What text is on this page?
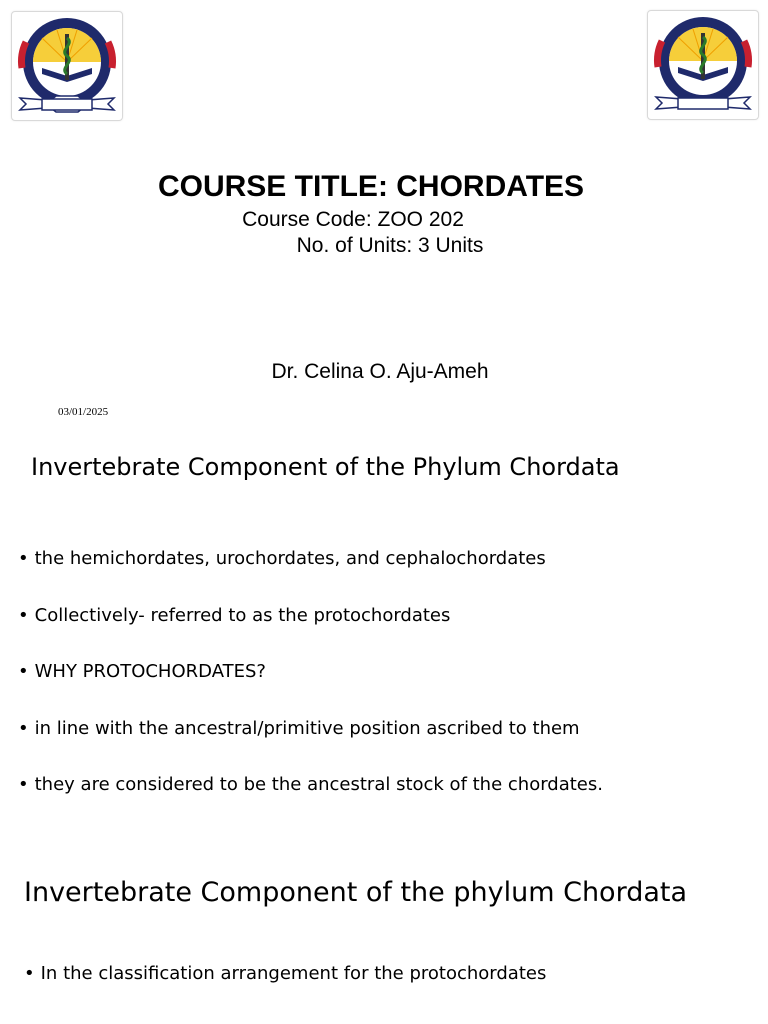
COURSE TITLE: CHORDATES
Course Code: ZOO 202
No. of Units: 3 Units
Dr. Celina O. Aju-Ameh
03/01/2025
Invertebrate Component of the Phylum Chordata
• the hemichordates, urochordates, and cephalochordates
• Collectively- referred to as the protochordates
• WHY PROTOCHORDATES?
• in line with the ancestral/primitive position ascribed to them
• they are considered to be the ancestral stock of the chordates.
Invertebrate Component of the phylum Chordata
• In the classification arrangement for the protochordates
